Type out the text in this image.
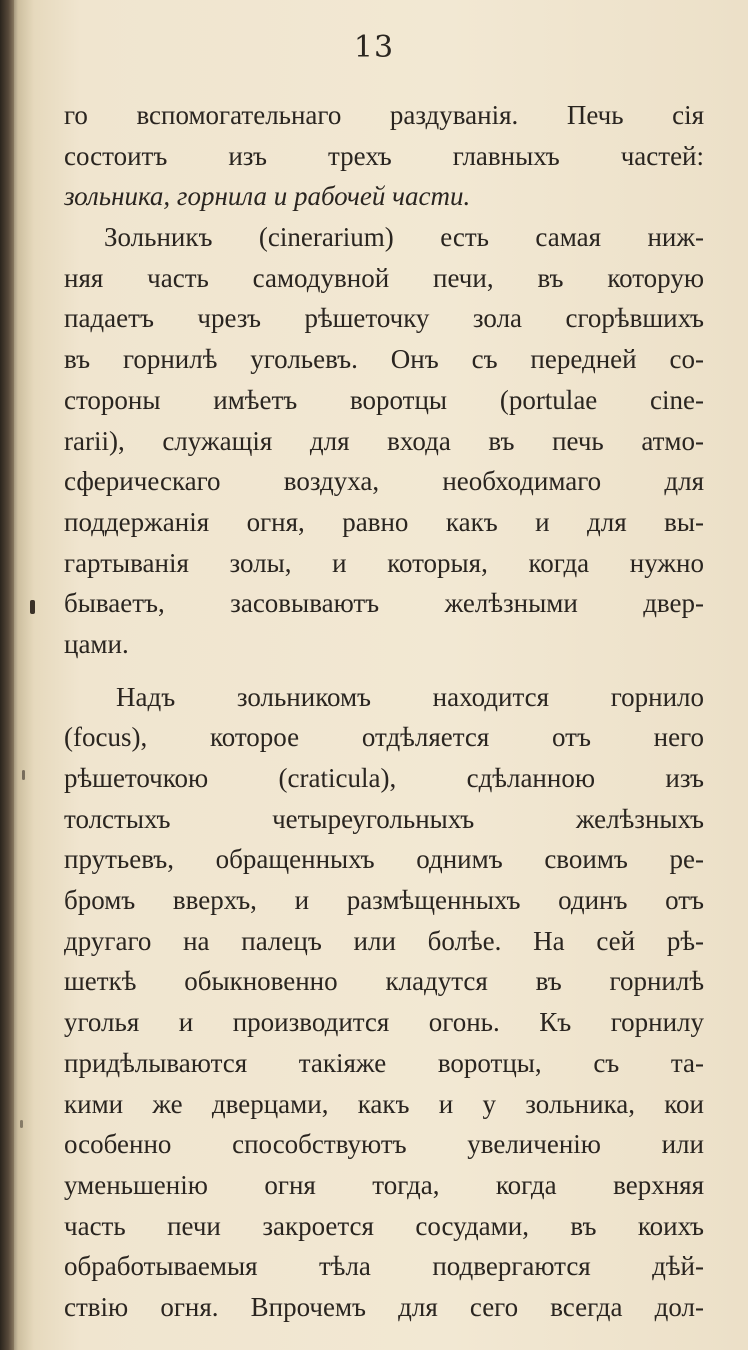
13
го вспомогательнаго раздуванія. Печь сія
состоитъ изъ трехъ главныхъ частей:
зольника, горнила и рабочей части.
Зольникъ (cinerarium) есть самая ниж-
няя часть самодувной печи, въ которую
падаетъ чрезъ рѣшеточку зола сгорѣвшихъ
въ горнилѣ угольевъ. Онъ съ передней со-
стороны имѣетъ воротцы (portulae cine-
rarii), служащія для входа въ печь атмо-
сферическаго воздуха, необходимаго для
поддержанія огня, равно какъ и для вы-
гартыванія золы, и которыя, когда нужно
бываетъ, засовываютъ желѣзными двер-
цами.
Надъ зольникомъ находится горнило
(focus), которое отдѣляется отъ него
рѣшеточкою (craticula), сдѣланною изъ
толстыхъ четыреугольныхъ желѣзныхъ
прутьевъ, обращенныхъ однимъ своимъ ре-
бромъ вверхъ, и размѣщенныхъ одинъ отъ
другаго на палецъ или болѣе. На сей рѣ-
шеткѣ обыкновенно кладутся въ горнилѣ
уголья и производится огонь. Къ горнилу
придѣлываются такіяже воротцы, съ та-
кими же дверцами, какъ и у зольника, кои
особенно способствуютъ увеличенію или
уменьшенію огня тогда, когда верхняя
часть печи закроется сосудами, въ коихъ
обработываемыя тѣла подвергаются дѣй-
ствію огня. Впрочемъ для сего всегда дол-
